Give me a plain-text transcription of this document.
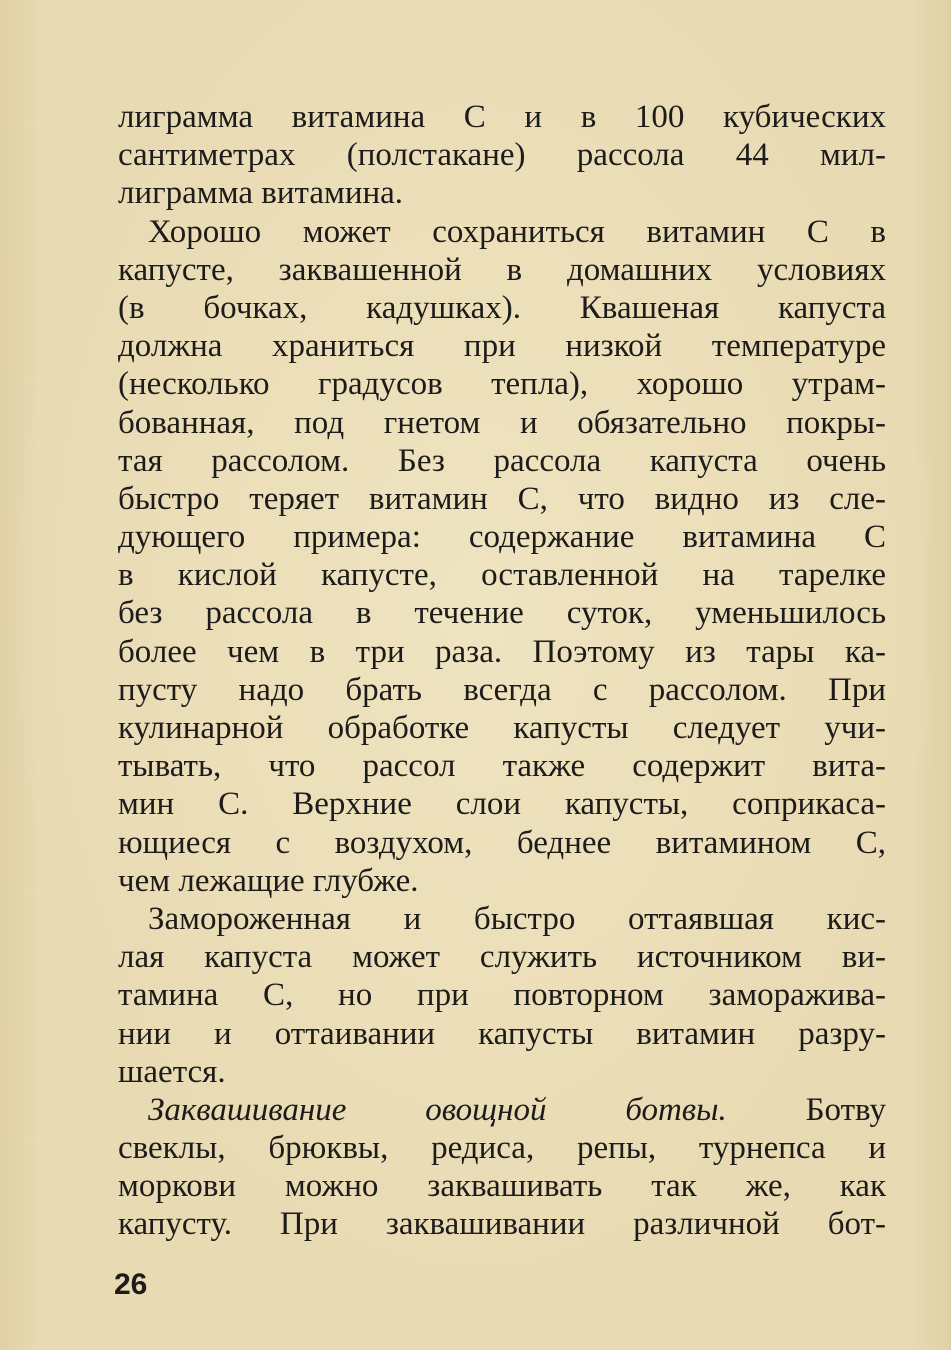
лиграмма витамина С и в 100 кубических
сантиметрах (полстакане) рассола 44 мил-
лиграмма витамина.
Хорошо может сохраниться витамин С в
капусте, заквашенной в домашних условиях
(в бочках, кадушках). Квашеная капуста
должна храниться при низкой температуре
(несколько градусов тепла), хорошо утрам-
бованная, под гнетом и обязательно покры-
тая рассолом. Без рассола капуста очень
быстро теряет витамин С, что видно из сле-
дующего примера: содержание витамина С
в кислой капусте, оставленной на тарелке
без рассола в течение суток, уменьшилось
более чем в три раза. Поэтому из тары ка-
пусту надо брать всегда с рассолом. При
кулинарной обработке капусты следует учи-
тывать, что рассол также содержит вита-
мин С. Верхние слои капусты, соприкаса-
ющиеся с воздухом, беднее витамином С,
чем лежащие глубже.
Замороженная и быстро оттаявшая кис-
лая капуста может служить источником ви-
тамина С, но при повторном заморажива-
нии и оттаивании капусты витамин разру-
шается.
Заквашивание овощной ботвы. Ботву
свеклы, брюквы, редиса, репы, турнепса и
моркови можно заквашивать так же, как
капусту. При заквашивании различной бот-
26
